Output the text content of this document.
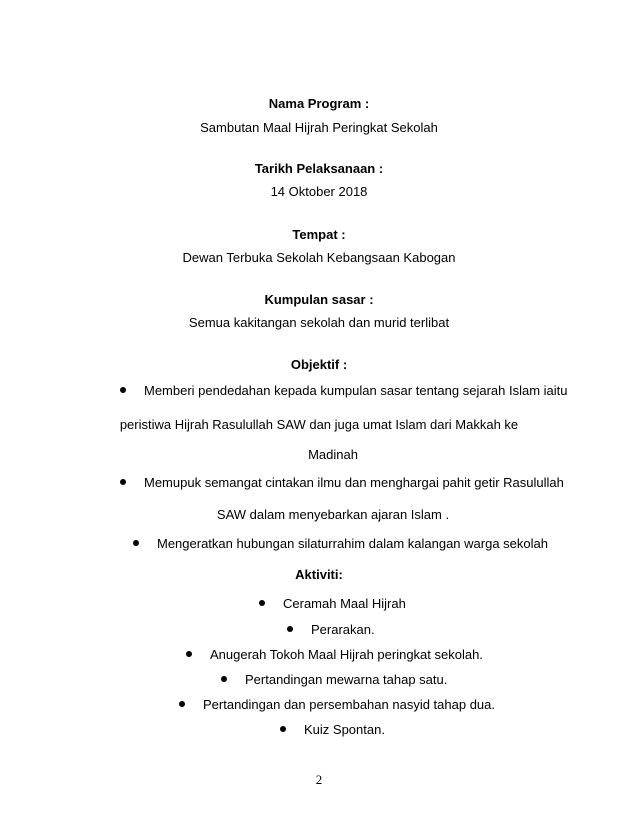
Nama Program :
Sambutan Maal Hijrah Peringkat Sekolah
Tarikh Pelaksanaan :
14 Oktober 2018
Tempat :
Dewan Terbuka Sekolah Kebangsaan Kabogan
Kumpulan sasar :
Semua kakitangan sekolah dan murid terlibat
Objektif :
Memberi pendedahan kepada kumpulan sasar tentang sejarah Islam iaitu
peristiwa Hijrah Rasulullah SAW dan juga umat Islam dari Makkah ke
Madinah
Memupuk semangat cintakan ilmu dan menghargai pahit getir Rasulullah
SAW dalam menyebarkan ajaran Islam .
Mengeratkan hubungan silaturrahim dalam kalangan warga sekolah
Aktiviti:
Ceramah Maal Hijrah
Perarakan.
Anugerah Tokoh Maal Hijrah peringkat sekolah.
Pertandingan mewarna tahap satu.
Pertandingan dan persembahan nasyid tahap dua.
Kuiz Spontan.
2
